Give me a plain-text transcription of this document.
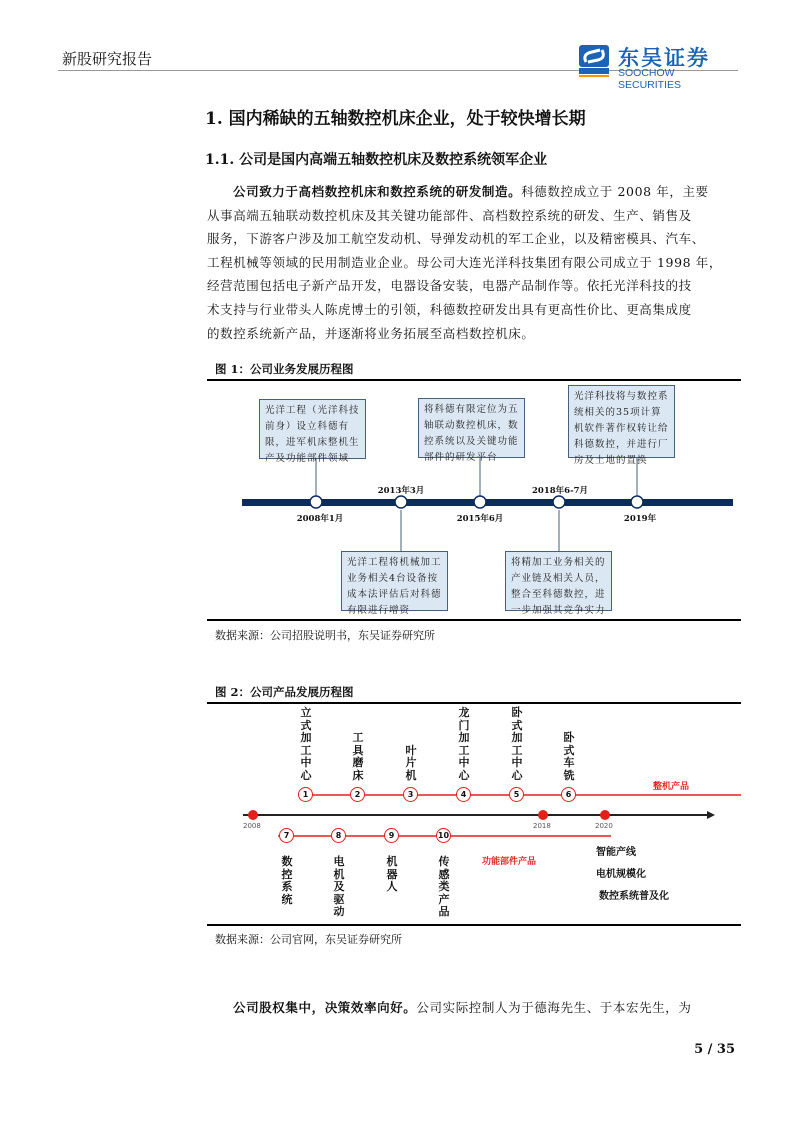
新股研究报告	东吴证券
SOOCHOW SECURITIES
1. 国内稀缺的五轴数控机床企业，处于较快增长期
1.1. 公司是国内高端五轴数控机床及数控系统领军企业
公司致力于高档数控机床和数控系统的研发制造。科德数控成立于 2008 年，主要
从事高端五轴联动数控机床及其关键功能部件、高档数控系统的研发、生产、销售及
服务，下游客户涉及加工航空发动机、导弹发动机的军工企业，以及精密模具、汽车、
工程机械等领域的民用制造业企业。母公司大连光洋科技集团有限公司成立于 1998 年，
经营范围包括电子新产品开发，电器设备安装，电器产品制作等。依托光洋科技的技
术支持与行业带头人陈虎博士的引领，科德数控研发出具有更高性价比、更高集成度
的数控系统新产品，并逐渐将业务拓展至高档数控机床。
图 1：公司业务发展历程图
2008年1月
2013年3月
2015年6月
2018年6-7月
2019年
光洋工程（光洋科技前身）设立科德有限，进军机床整机生产及功能部件领域
光洋工程将机械加工业务相关4台设备按成本法评估后对科德有限进行增资
将科德有限定位为五轴联动数控机床，数控系统以及关键功能部件的研发平台
将精加工业务相关的产业链及相关人员，整合至科德数控，进一步加强其竞争实力
光洋科技将与数控系统相关的35项计算机软件著作权转让给科德数控，并进行厂房及土地的置换
数据来源：公司招股说明书，东吴证券研究所
图 2：公司产品发展历程图
1
立式加工中心
2
工具磨床
3
叶片机
4
龙门加工中心
5
卧式加工中心
6
卧式车铣
7
数控系统
8
电机及驱动
9
机器人
10
传感类产品
2008	2018	2020
整机产品
功能部件产品
智能产线
电机规模化
数控系统普及化
数据来源：公司官网，东吴证券研究所
公司股权集中，决策效率向好。公司实际控制人为于德海先生、于本宏先生，为
5 / 35
